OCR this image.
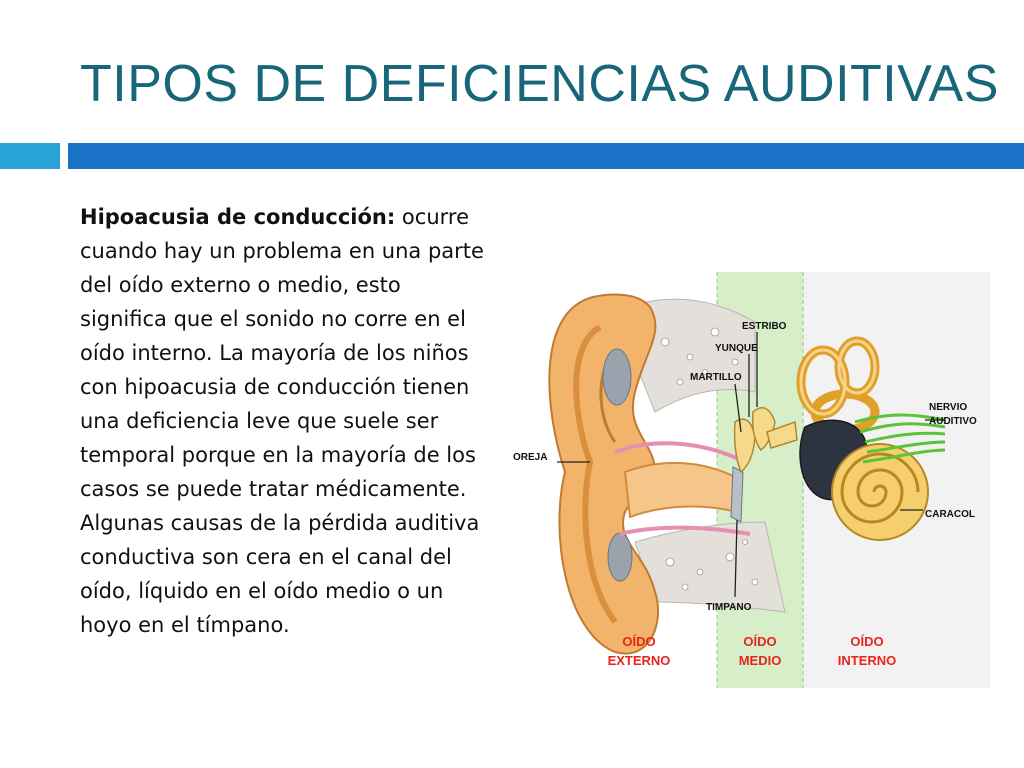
TIPOS DE DEFICIENCIAS AUDITIVAS
Hipoacusia de conducción: ocurre cuando hay un problema en una parte del oído externo o medio, esto significa que el sonido no corre en el oído interno. La mayoría de los niños con hipoacusia de conducción tienen una deficiencia leve que suele ser temporal porque en la mayoría de los casos se puede tratar médicamente. Algunas causas de la pérdida auditiva conductiva son cera en el canal del oído, líquido en el oído medio o un hoyo en el tímpano.
OREJA
ESTRIBO
YUNQUE
MARTILLO
NERVIO
AUDITIVO
CARACOL
TIMPANO
OÍDO
EXTERNO
OÍDO
MEDIO
OÍDO
INTERNO
